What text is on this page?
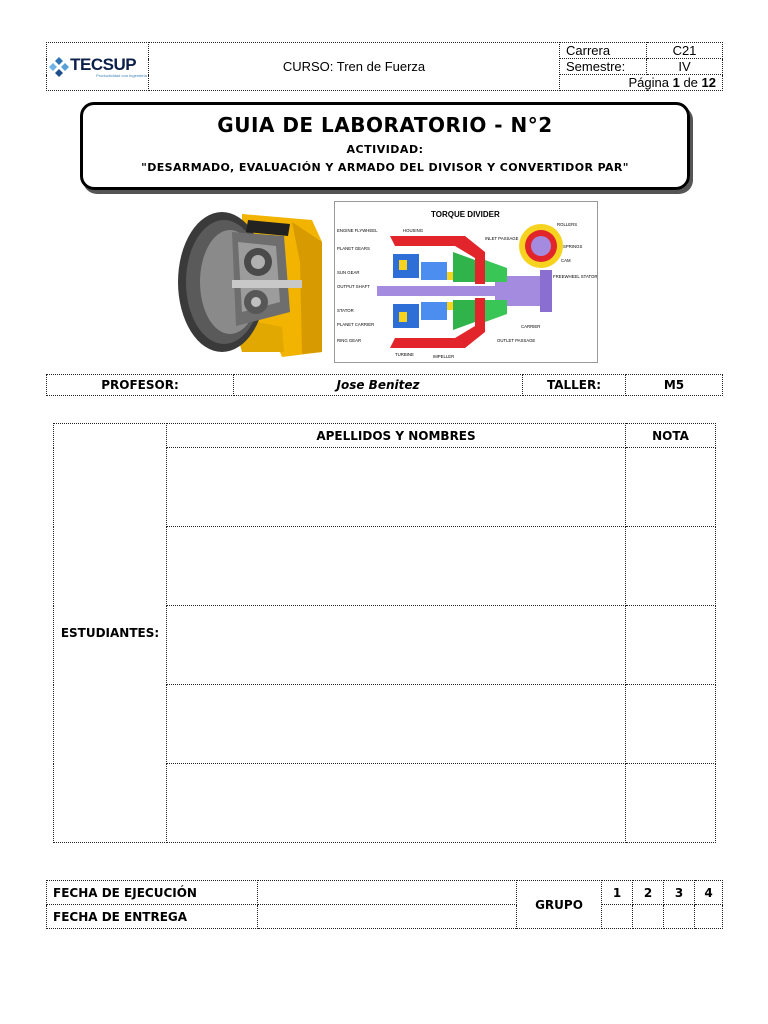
TECSUP
Productividad con Ingeniería	CURSO: Tren de Fuerza	Carrera	C21
		Semestre:	IV
		Página 1 de 12	
GUIA DE LABORATORIO - N°2
ACTIVIDAD:
"DESARMADO, EVALUACIÓN Y ARMADO DEL DIVISOR Y CONVERTIDOR PAR"
TORQUE DIVIDER
ENGINE FLYWHEEL	HOUSING
INLET PASSAGE
ROLLERS
SPRINGS
CAM
PLANET GEARS
SUN GEAR
OUTPUT SHAFT
FREEWHEEL STATOR
STATOR
PLANET CARRIER
RING GEAR
TURBINE	IMPELLER
CARRIER
OUTLET PASSAGE
PROFESOR:	Jose Benitez	TALLER:	M5
ESTUDIANTES:	APELLIDOS Y NOMBRES	NOTA

FECHA DE EJECUCIÓN		GRUPO	1	2	3	4
FECHA DE ENTREGA						
